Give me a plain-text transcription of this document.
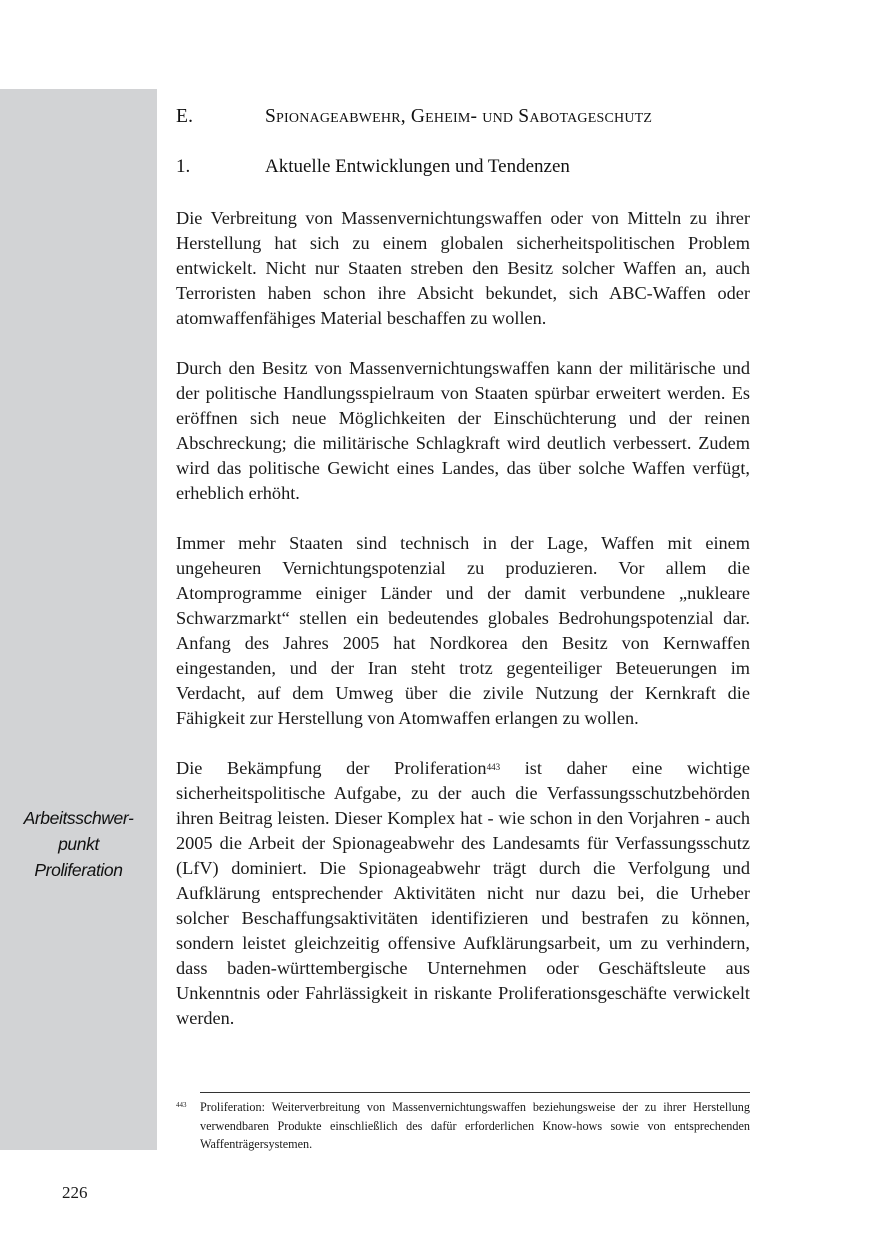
Arbeitsschwer-
punkt
Proliferation
E.	Spionageabwehr, Geheim- und Sabotageschutz
1.	Aktuelle Entwicklungen und Tendenzen

Die Verbreitung von Massenvernichtungswaffen oder von Mitteln zu ihrer Herstellung hat sich zu einem globalen sicherheitspolitischen Problem entwickelt. Nicht nur Staaten streben den Besitz solcher Waffen an, auch Terroristen haben schon ihre Absicht bekundet, sich ABC-Waffen oder atomwaffenfähiges Material beschaffen zu wollen.

Durch den Besitz von Massenvernichtungswaffen kann der militärische und der politische Handlungsspielraum von Staaten spürbar erweitert werden. Es eröffnen sich neue Möglichkeiten der Einschüchterung und der reinen Abschreckung; die militärische Schlagkraft wird deutlich verbessert. Zudem wird das politische Gewicht eines Landes, das über solche Waffen verfügt, erheblich erhöht.

Immer mehr Staaten sind technisch in der Lage, Waffen mit einem ungeheuren Vernichtungspotenzial zu produzieren. Vor allem die Atomprogramme einiger Länder und der damit verbundene „nukleare Schwarzmarkt“ stellen ein bedeutendes globales Bedrohungspotenzial dar. Anfang des Jahres 2005 hat Nordkorea den Besitz von Kernwaffen eingestanden, und der Iran steht trotz gegenteiliger Beteuerungen im Verdacht, auf dem Umweg über die zivile Nutzung der Kernkraft die Fähigkeit zur Herstellung von Atomwaffen erlangen zu wollen.

Die Bekämpfung der Proliferation$^{443}$ ist daher eine wichtige sicherheitspolitische Aufgabe, zu der auch die Verfassungsschutzbehörden ihren Beitrag leisten. Dieser Komplex hat - wie schon in den Vorjahren - auch 2005 die Arbeit der Spionageabwehr des Landesamts für Verfassungsschutz (LfV) dominiert. Die Spionageabwehr trägt durch die Verfolgung und Aufklärung entsprechender Aktivitäten nicht nur dazu bei, die Urheber solcher Beschaffungsaktivitäten identifizieren und bestrafen zu können, sondern leistet gleichzeitig offensive Aufklärungsarbeit, um zu verhindern, dass baden-württembergische Unternehmen oder Geschäftsleute aus Unkenntnis oder Fahrlässigkeit in riskante Proliferationsgeschäfte verwickelt werden.

443 Proliferation: Weiterverbreitung von Massenvernichtungswaffen beziehungsweise der zu ihrer Herstellung verwendbaren Produkte einschließlich des dafür erforderlichen Know-hows sowie von entsprechenden Waffenträgersystemen.
226
